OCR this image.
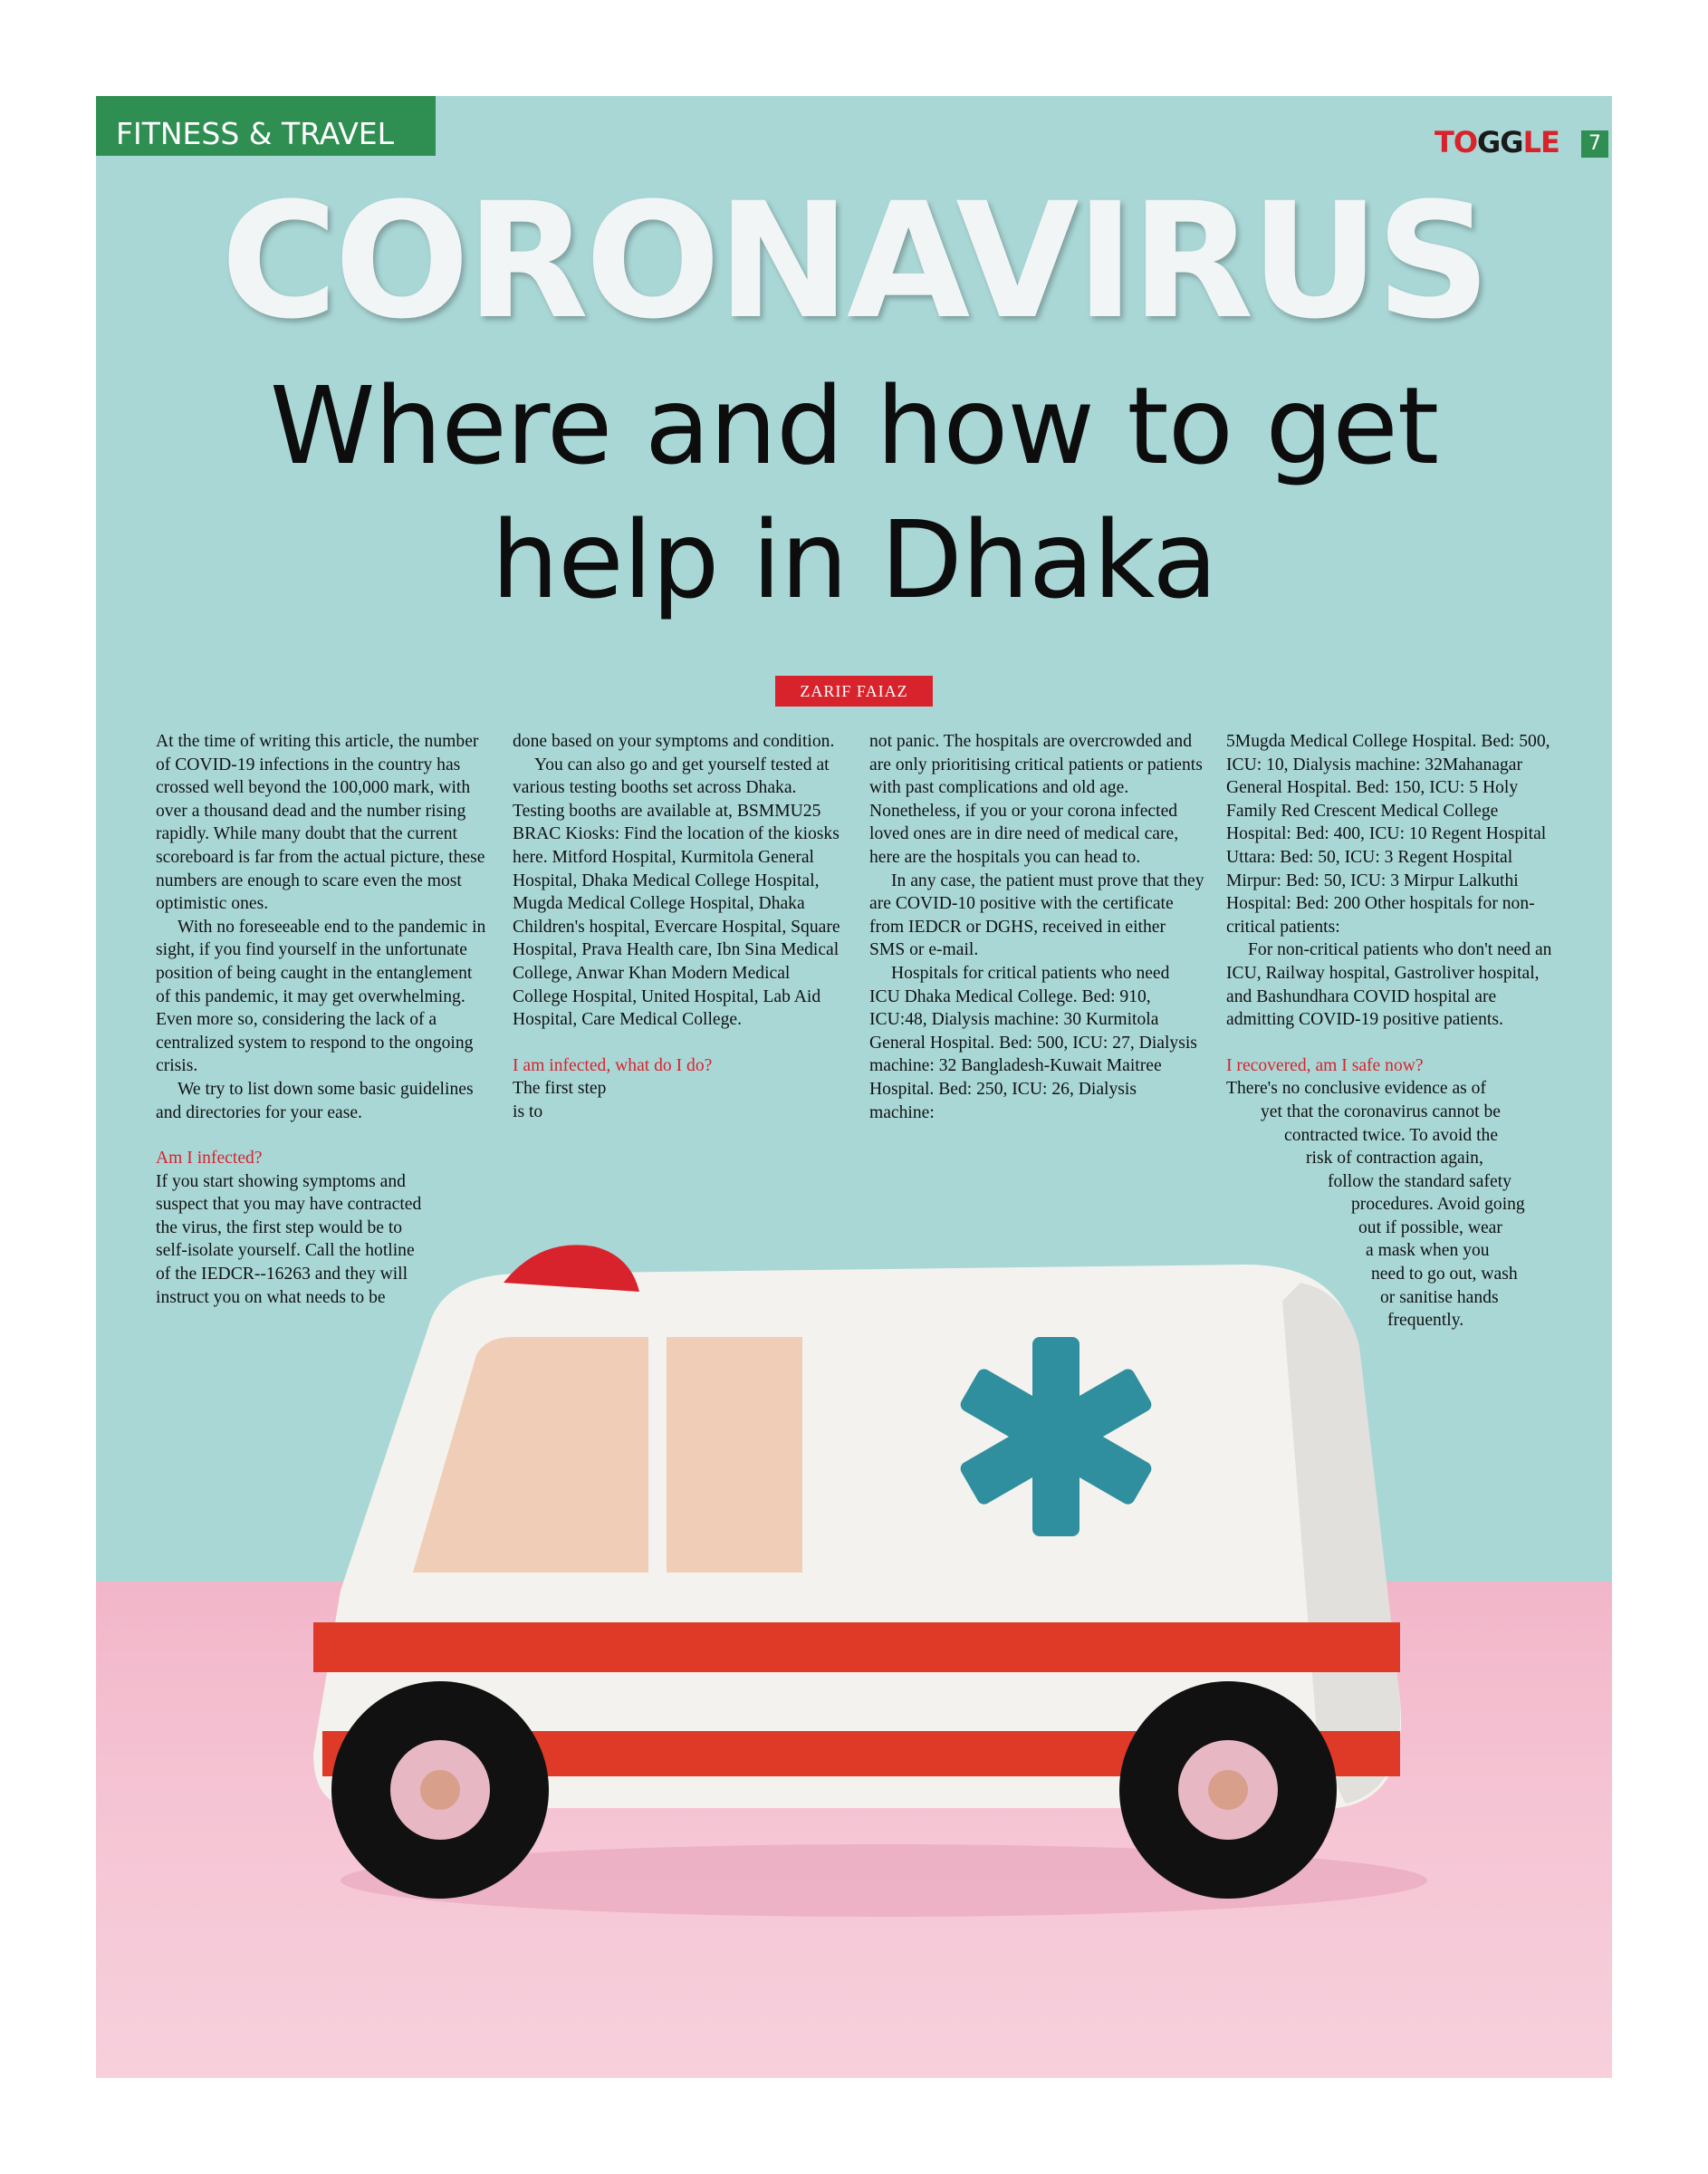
FITNESS & TRAVEL	TOGGLE	7
CORONAVIRUS
Where and how to get
help in Dhaka
ZARIF FAIAZ

At the time of writing this article, the number of COVID-19 infections in the country has crossed well beyond the 100,000 mark, with over a thousand dead and the number rising rapidly. While many doubt that the current scoreboard is far from the actual picture, these numbers are enough to scare even the most optimistic ones.

With no foreseeable end to the pandemic in sight, if you find yourself in the unfortunate position of being caught in the entanglement of this pandemic, it may get overwhelming. Even more so, considering the lack of a centralized system to respond to the ongoing crisis.

We try to list down some basic guidelines and directories for your ease.

Am I infected?

If you start showing symptoms and suspect that you may have contracted the virus, the first step would be to self-isolate yourself. Call the hotline of the IEDCR--16263 and they will instruct you on what needs to be

done based on your symptoms and condition.

You can also go and get yourself tested at various testing booths set across Dhaka. Testing booths are available at, BSMMU25 BRAC Kiosks: Find the location of the kiosks here. Mitford Hospital, Kurmitola General Hospital, Dhaka Medical College Hospital, Mugda Medical College Hospital, Dhaka Children's hospital, Evercare Hospital, Square Hospital, Prava Health care, Ibn Sina Medical College, Anwar Khan Modern Medical College Hospital, United Hospital, Lab Aid Hospital, Care Medical College.

I am infected, what do I do?

The first step is to

not panic. The hospitals are overcrowded and are only prioritising critical patients or patients with past complications and old age. Nonetheless, if you or your corona infected loved ones are in dire need of medical care, here are the hospitals you can head to.

In any case, the patient must prove that they are COVID-10 positive with the certificate from IEDCR or DGHS, received in either SMS or e-mail.

Hospitals for critical patients who need ICU Dhaka Medical College. Bed: 910, ICU:48, Dialysis machine: 30 Kurmitola General Hospital. Bed: 500, ICU: 27, Dialysis machine: 32 Bangladesh-Kuwait Maitree Hospital. Bed: 250, ICU: 26, Dialysis machine:

5Mugda Medical College Hospital. Bed: 500, ICU: 10, Dialysis machine: 32Mahanagar General Hospital. Bed: 150, ICU: 5 Holy Family Red Crescent Medical College Hospital: Bed: 400, ICU: 10 Regent Hospital Uttara: Bed: 50, ICU: 3 Regent Hospital Mirpur: Bed: 50, ICU: 3 Mirpur Lalkuthi Hospital: Bed: 200 Other hospitals for non-critical patients:

For non-critical patients who don't need an ICU, Railway hospital, Gastroliver hospital, and Bashundhara COVID hospital are admitting COVID-19 positive patients.

I recovered, am I safe now?

There's no conclusive evidence as of

yet that the coronavirus cannot be

contracted twice. To avoid the

risk of contraction again,

follow the standard safety

procedures. Avoid going

out if possible, wear

a mask when you

need to go out, wash

or sanitise hands

frequently.
